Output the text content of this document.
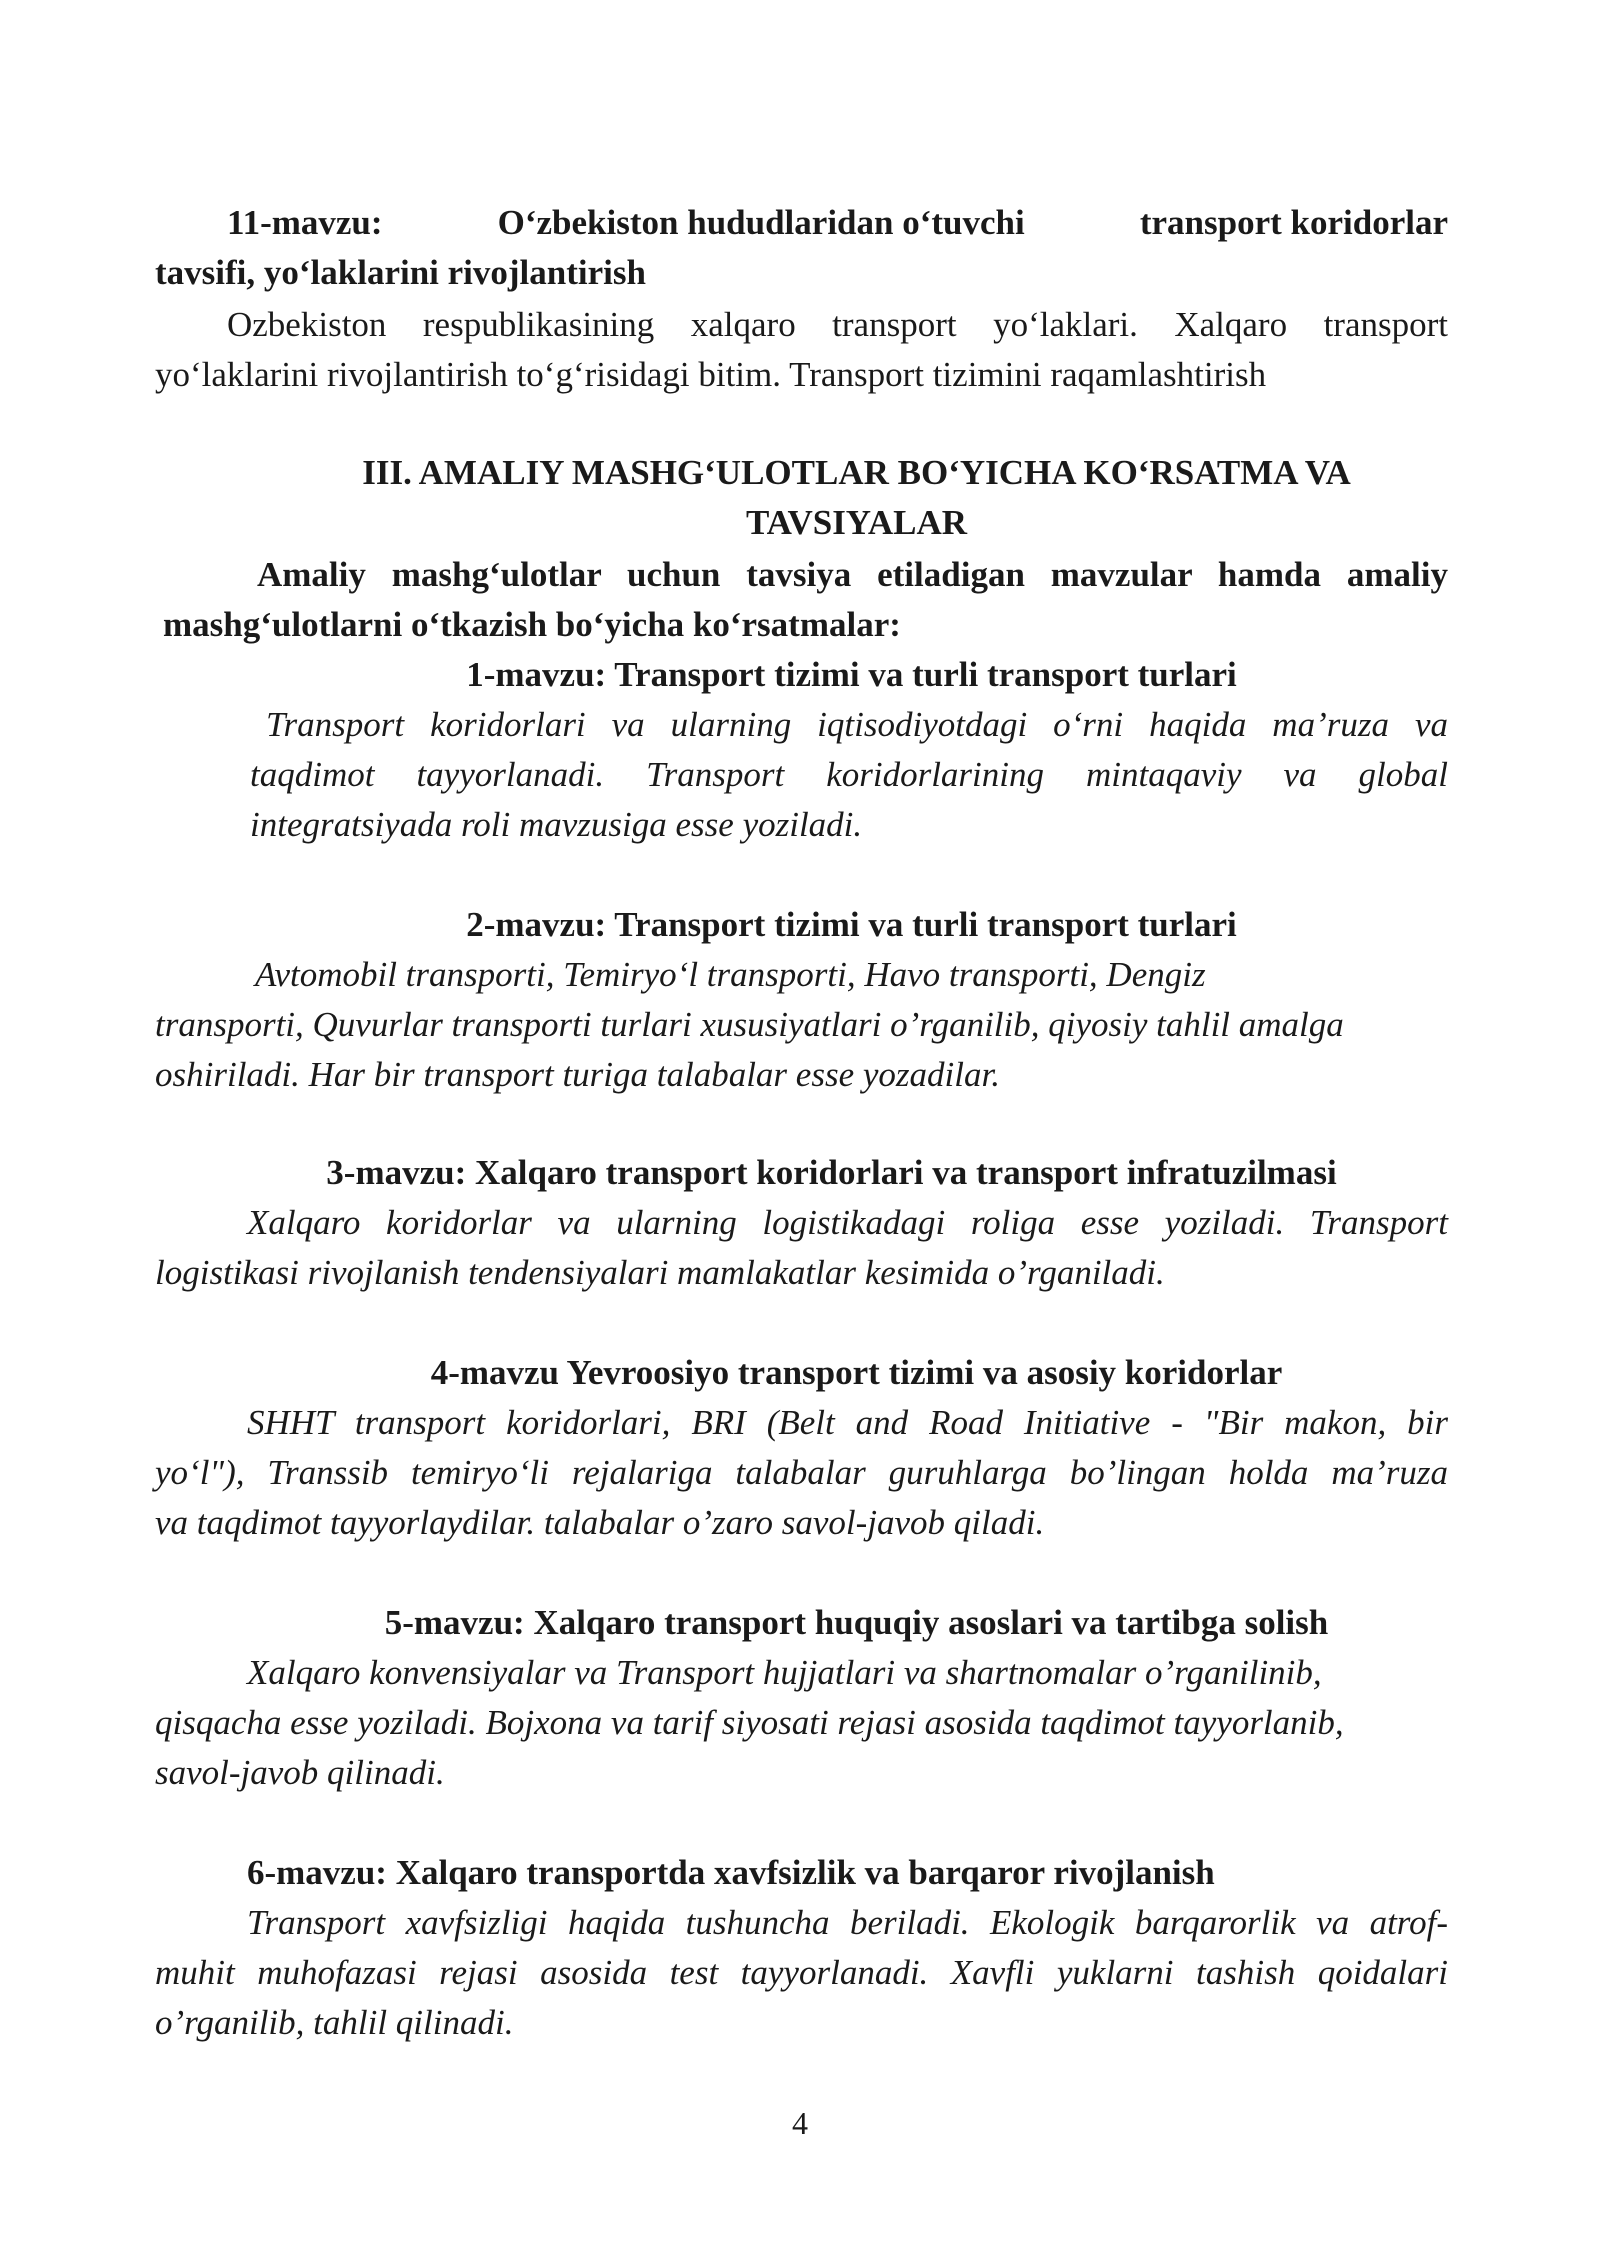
11-mavzu:	O‘zbekiston hududlaridan o‘tuvchi	transport koridorlar

tavsifi, yo‘laklarini rivojlantirish

Ozbekiston respublikasining xalqaro transport yo‘laklari. Xalqaro transport

yo‘laklarini rivojlantirish to‘g‘risidagi bitim. Transport tizimini raqamlashtirish

III. AMALIY MASHG‘ULOTLAR BO‘YICHA KO‘RSATMA VA

TAVSIYALAR

Amaliy mashg‘ulotlar uchun tavsiya etiladigan mavzular hamda amaliy

mashg‘ulotlarni o‘tkazish bo‘yicha ko‘rsatmalar:

1-mavzu: Transport tizimi va turli transport turlari

Transport koridorlari va ularning iqtisodiyotdagi o‘rni haqida ma’ruza va

taqdimot tayyorlanadi. Transport koridorlarining mintaqaviy va global

integratsiyada roli mavzusiga esse yoziladi.

2-mavzu: Transport tizimi va turli transport turlari

Avtomobil transporti, Temiryo‘l transporti, Havo transporti, Dengiz

transporti, Quvurlar transporti turlari xususiyatlari o’rganilib, qiyosiy tahlil amalga

oshiriladi. Har bir transport turiga talabalar esse yozadilar.

3-mavzu: Xalqaro transport koridorlari va transport infratuzilmasi

Xalqaro koridorlar va ularning logistikadagi roliga esse yoziladi. Transport

logistikasi rivojlanish tendensiyalari mamlakatlar kesimida o’rganiladi.

4-mavzu Yevroosiyo transport tizimi va asosiy koridorlar

SHHT transport koridorlari, BRI (Belt and Road Initiative - "Bir makon, bir

yo‘l"), Transsib temiryo‘li rejalariga talabalar guruhlarga bo’lingan holda ma’ruza

va taqdimot tayyorlaydilar. talabalar o’zaro savol-javob qiladi.

5-mavzu: Xalqaro transport huquqiy asoslari va tartibga solish

Xalqaro konvensiyalar va Transport hujjatlari va shartnomalar o’rganilinib,

qisqacha esse yoziladi. Bojxona va tarif siyosati rejasi asosida taqdimot tayyorlanib,

savol-javob qilinadi.

6-mavzu: Xalqaro transportda xavfsizlik va barqaror rivojlanish

Transport xavfsizligi haqida tushuncha beriladi. Ekologik barqarorlik va atrof-

muhit muhofazasi rejasi asosida test tayyorlanadi. Xavfli yuklarni tashish qoidalari

o’rganilib, tahlil qilinadi.

4
